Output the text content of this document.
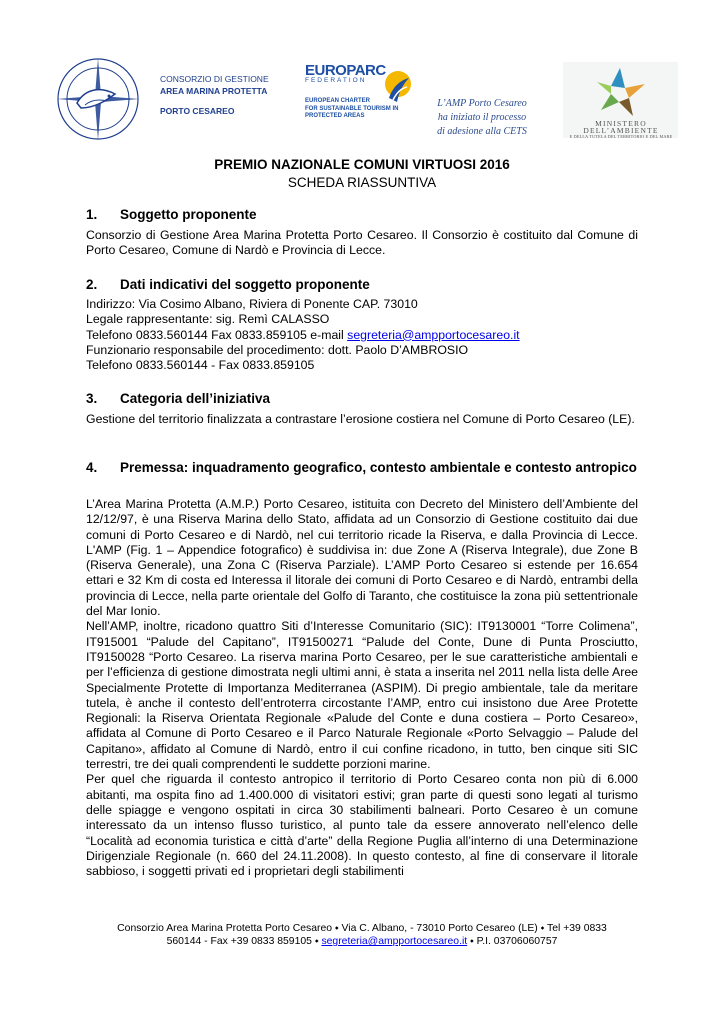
CONSORZIO DI GESTIONE
AREA MARINA PROTETTA
PORTO CESAREO
EUROPARC
FEDERATION
EUROPEAN CHARTER
FOR SUSTAINABLE TOURISM IN
PROTECTED AREAS
L’AMP Porto Cesareo
ha iniziato il processo
di adesione alla CETS
MINISTERO DELL’AMBIENTE
E DELLA TUTELA DEL TERRITORIO E DEL MARE
PREMIO NAZIONALE COMUNI VIRTUOSI 2016
SCHEDA RIASSUNTIVA
1. Soggetto proponente
Consorzio di Gestione Area Marina Protetta Porto Cesareo. Il Consorzio è costituito dal Comune di Porto Cesareo, Comune di Nardò e Provincia di Lecce.
2. Dati indicativi del soggetto proponente
Indirizzo: Via Cosimo Albano, Riviera di Ponente CAP. 73010
Legale rappresentante: sig. Remì CALASSO
Telefono 0833.560144 Fax 0833.859105 e-mail segreteria@ampportocesareo.it
Funzionario responsabile del procedimento: dott. Paolo D’AMBROSIO
Telefono 0833.560144 - Fax 0833.859105
3. Categoria dell’iniziativa
Gestione del territorio finalizzata a contrastare l’erosione costiera nel Comune di Porto Cesareo (LE).
4. Premessa: inquadramento geografico, contesto ambientale e contesto antropico
L’Area Marina Protetta (A.M.P.) Porto Cesareo, istituita con Decreto del Ministero dell’Ambiente del 12/12/97, è una Riserva Marina dello Stato, affidata ad un Consorzio di Gestione costituito dai due comuni di Porto Cesareo e di Nardò, nel cui territorio ricade la Riserva, e dalla Provincia di Lecce. L'AMP (Fig. 1 – Appendice fotografico) è suddivisa in: due Zone A (Riserva Integrale), due Zone B (Riserva Generale), una Zona C (Riserva Parziale). L’AMP Porto Cesareo si estende per 16.654 ettari e 32 Km di costa ed Interessa il litorale dei comuni di Porto Cesareo e di Nardò, entrambi della provincia di Lecce, nella parte orientale del Golfo di Taranto, che costituisce la zona più settentrionale del Mar Ionio.
Nell’AMP, inoltre, ricadono quattro Siti d’Interesse Comunitario (SIC): IT9130001 “Torre Colimena”, IT915001 “Palude del Capitano”, IT91500271 “Palude del Conte, Dune di Punta Prosciutto, IT9150028 “Porto Cesareo. La riserva marina Porto Cesareo, per le sue caratteristiche ambientali e per l’efficienza di gestione dimostrata negli ultimi anni, è stata a inserita nel 2011 nella lista delle Aree Specialmente Protette di Importanza Mediterranea (ASPIM). Di pregio ambientale, tale da meritare tutela, è anche il contesto dell’entroterra circostante l’AMP, entro cui insistono due Aree Protette Regionali: la Riserva Orientata Regionale «Palude del Conte e duna costiera – Porto Cesareo», affidata al Comune di Porto Cesareo e il Parco Naturale Regionale «Porto Selvaggio – Palude del Capitano», affidato al Comune di Nardò, entro il cui confine ricadono, in tutto, ben cinque siti SIC terrestri, tre dei quali comprendenti le suddette porzioni marine.
Per quel che riguarda il contesto antropico il territorio di Porto Cesareo conta non più di 6.000 abitanti, ma ospita fino ad 1.400.000 di visitatori estivi; gran parte di questi sono legati al turismo delle spiagge e vengono ospitati in circa 30 stabilimenti balneari. Porto Cesareo è un comune interessato da un intenso flusso turistico, al punto tale da essere annoverato nell’elenco delle “Località ad economia turistica e città d’arte” della Regione Puglia all’interno di una Determinazione Dirigenziale Regionale (n. 660 del 24.11.2008). In questo contesto, al fine di conservare il litorale sabbioso, i soggetti privati ed i proprietari degli stabilimenti
Consorzio Area Marina Protetta Porto Cesareo ⬩ Via C. Albano, - 73010 Porto Cesareo (LE) ⬩ Tel +39 0833
560144 - Fax +39 0833 859105 ⬩ segreteria@ampportocesareo.it ⬩ P.I. 03706060757
